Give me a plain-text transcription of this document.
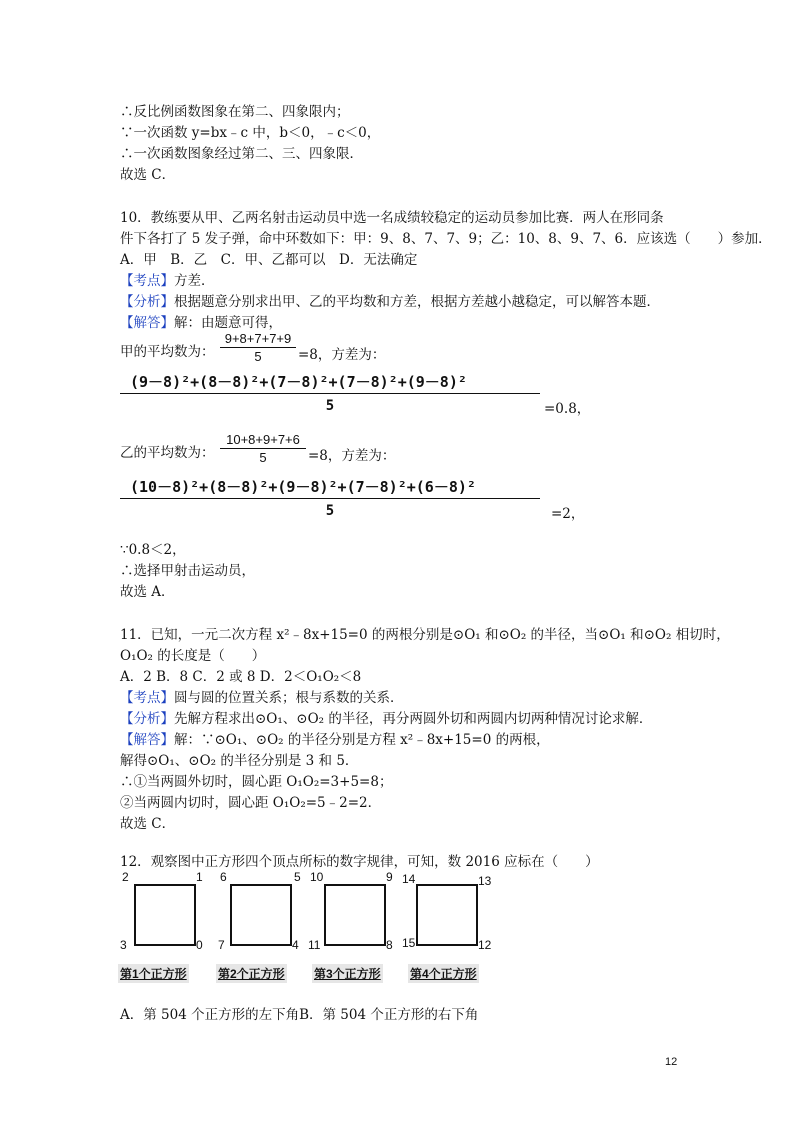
∴反比例函数图象在第二、四象限内；
∵一次函数 y=bx﹣c 中，b＜0，﹣c＜0，
∴一次函数图象经过第二、三、四象限．
故选 C．
10．教练要从甲、乙两名射击运动员中选一名成绩较稳定的运动员参加比赛．两人在形同条
件下各打了 5 发子弹，命中环数如下：甲：9、8、7、7、9；乙：10、8、9、7、6．应该选（　　）参加．
A．甲　B．乙　C．甲、乙都可以　D．无法确定
【考点】方差．
【分析】根据题意分别求出甲、乙的平均数和方差，根据方差越小越稳定，可以解答本题．
【解答】解：由题意可得，
甲的平均数为： $\frac{9+8+7+7+9}{5} =8$，方差为：
(9－8)²+(8－8)²+(7－8)²+(7－8)²+(9－8)²
5	=0.8，
乙的平均数为： $\frac{10+8+9+7+6}{5} =8$，方差为：
(10－8)²+(8－8)²+(9－8)²+(7－8)²+(6－8)²
5	=2，
∵0.8＜2，
∴选择甲射击运动员，
故选 A．
11．已知，一元二次方程 x²﹣8x+15=0 的两根分别是⊙O₁ 和⊙O₂ 的半径，当⊙O₁ 和⊙O₂ 相切时，
O₁O₂ 的长度是（　　）
A．2 B．8 C．2 或 8 D．2＜O₁O₂＜8
【考点】圆与圆的位置关系；根与系数的关系．
【分析】先解方程求出⊙O₁、⊙O₂ 的半径，再分两圆外切和两圆内切两种情况讨论求解．
【解答】解：∵⊙O₁、⊙O₂ 的半径分别是方程 x²﹣8x+15=0 的两根，
解得⊙O₁、⊙O₂ 的半径分别是 3 和 5．
∴①当两圆外切时，圆心距 O₁O₂=3+5=8；
②当两圆内切时，圆心距 O₁O₂=5﹣2=2．
故选 C．
12．观察图中正方形四个顶点所标的数字规律，可知，数 2016 应标在（　　）
2	1
3	0
第1个正方形
6	5
7	4
第2个正方形
10	9
11	8
第3个正方形
14	13
15	12
第4个正方形
A．第 504 个正方形的左下角B．第 504 个正方形的右下角
12
